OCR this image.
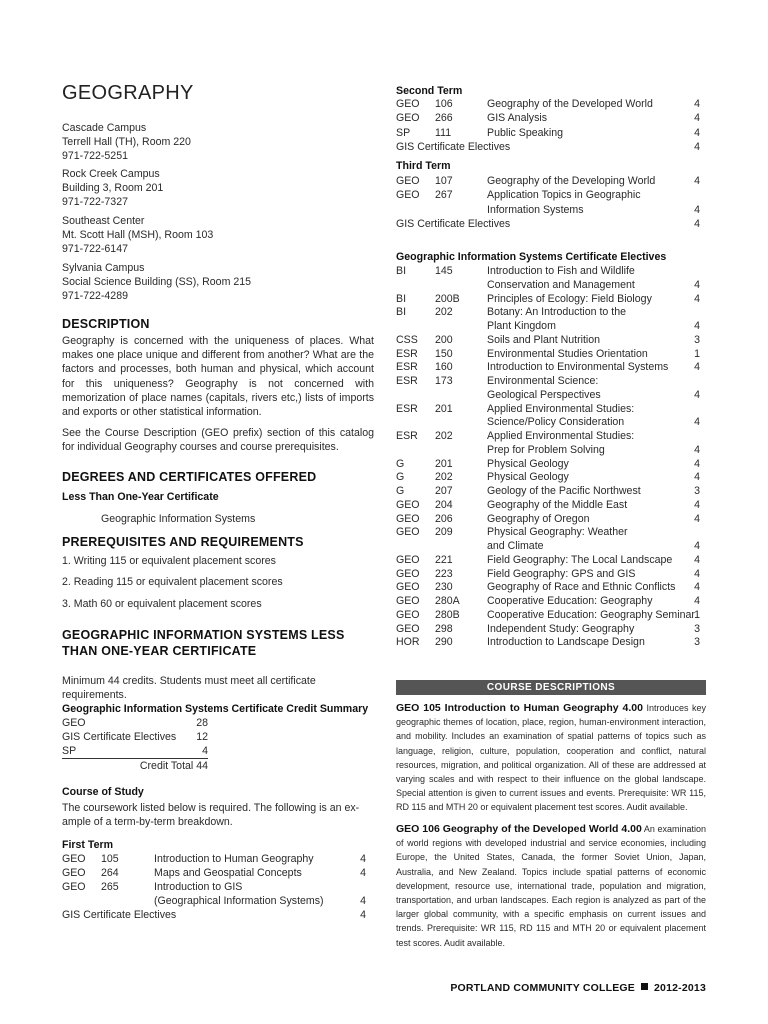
GEOGRAPHY
Cascade Campus
Terrell Hall (TH), Room 220
971-722-5251
Rock Creek Campus
Building 3, Room 201
971-722-7327
Southeast Center
Mt. Scott Hall (MSH), Room 103
971-722-6147
Sylvania Campus
Social Science Building (SS), Room 215
971-722-4289
DESCRIPTION
Geography is concerned with the uniqueness of places. What makes one place unique and different from another? What are the factors and processes, both human and physical, which account for this uniqueness? Geography is not concerned with memorization of place names (capitals, rivers etc,) lists of imports and exports or other statistical information.
See the Course Description (GEO prefix) section of this catalog for individual Geography courses and course prerequisites.
DEGREES AND CERTIFICATES OFFERED
Less Than One-Year Certificate
Geographic Information Systems
PREREQUISITES AND REQUIREMENTS
1. Writing 115 or equivalent placement scores
2. Reading 115 or equivalent placement scores
3. Math 60 or equivalent placement scores
GEOGRAPHIC INFORMATION SYSTEMS LESS
THAN ONE-YEAR CERTIFICATE
Minimum 44 credits. Students must meet all certificate
requirements.
Geographic Information Systems Certificate Credit Summary
GEO	28
GIS Certificate Electives 12
SP	4
Credit Total 44
Course of Study
The coursework listed below is required. The following is an ex-
ample of a term-by-term breakdown.
First Term
GEO 105	Introduction to Human Geography	4
GEO 264	Maps and Geospatial Concepts	4
GEO 265	Introduction to GIS
(Geographical Information Systems)	4
GIS Certificate Electives	4
Second Term
GEO 106	Geography of the Developed World	4
GEO 266	GIS Analysis	4
SP 111	Public Speaking	4
GIS Certificate Electives	4
Third Term
GEO 107	Geography of the Developing World	4
GEO 267	Application Topics in Geographic
Information Systems	4
GIS Certificate Electives	4
Geographic Information Systems Certificate Electives
BI	145	Introduction to Fish and Wildlife
Conservation and Management	4
BI	200B	Principles of Ecology: Field Biology	4
BI	202	Botany: An Introduction to the
Plant Kingdom	4
CSS 200	Soils and Plant Nutrition	3
ESR 150	Environmental Studies Orientation	1
ESR 160	Introduction to Environmental Systems 4
ESR 173	Environmental Science:
Geological Perspectives	4
ESR 201	Applied Environmental Studies:
Science/Policy Consideration	4
ESR 202	Applied Environmental Studies:
Prep for Problem Solving	4
G	201	Physical Geology	4
G	202	Physical Geology	4
G	207	Geology of the Pacific Northwest	3
GEO 204	Geography of the Middle East	4
GEO 206	Geography of Oregon	4
GEO 209	Physical Geography: Weather
and Climate	4
GEO 221	Field Geography: The Local Landscape 4
GEO 223	Field Geography: GPS and GIS	4
GEO 230	Geography of Race and Ethnic Conflicts 4
GEO 280A	Cooperative Education: Geography	4
GEO 280B	Cooperative Education: Geography Seminar 1
GEO 298	Independent Study: Geography	3
HOR 290	Introduction to Landscape Design	3
COURSE DESCRIPTIONS
GEO 105 Introduction to Human Geography 4.00 Introduces key geographic themes of location, place, region, human-environment interaction, and mobility. Includes an examination of spatial patterns of topics such as language, religion, culture, population, cooperation and conflict, natural resources, migration, and political organization. All of these are addressed at varying scales and with respect to their influence on the global landscape. Special attention is given to current issues and events. Prerequisite: WR 115, RD 115 and MTH 20 or equivalent placement test scores. Audit available.
GEO 106 Geography of the Developed World 4.00 An examination of world regions with developed industrial and service economies, including Europe, the United States, Canada, the former Soviet Union, Japan, Australia, and New Zealand. Topics include spatial patterns of economic development, resource use, international trade, population and migration, transportation, and urban landscapes. Each region is analyzed as part of the larger global community, with a specific emphasis on current issues and trends. Prerequisite: WR 115, RD 115 and MTH 20 or equivalent placement test scores. Audit available.
PORTLAND COMMUNITY COLLEGE 2012-2013
